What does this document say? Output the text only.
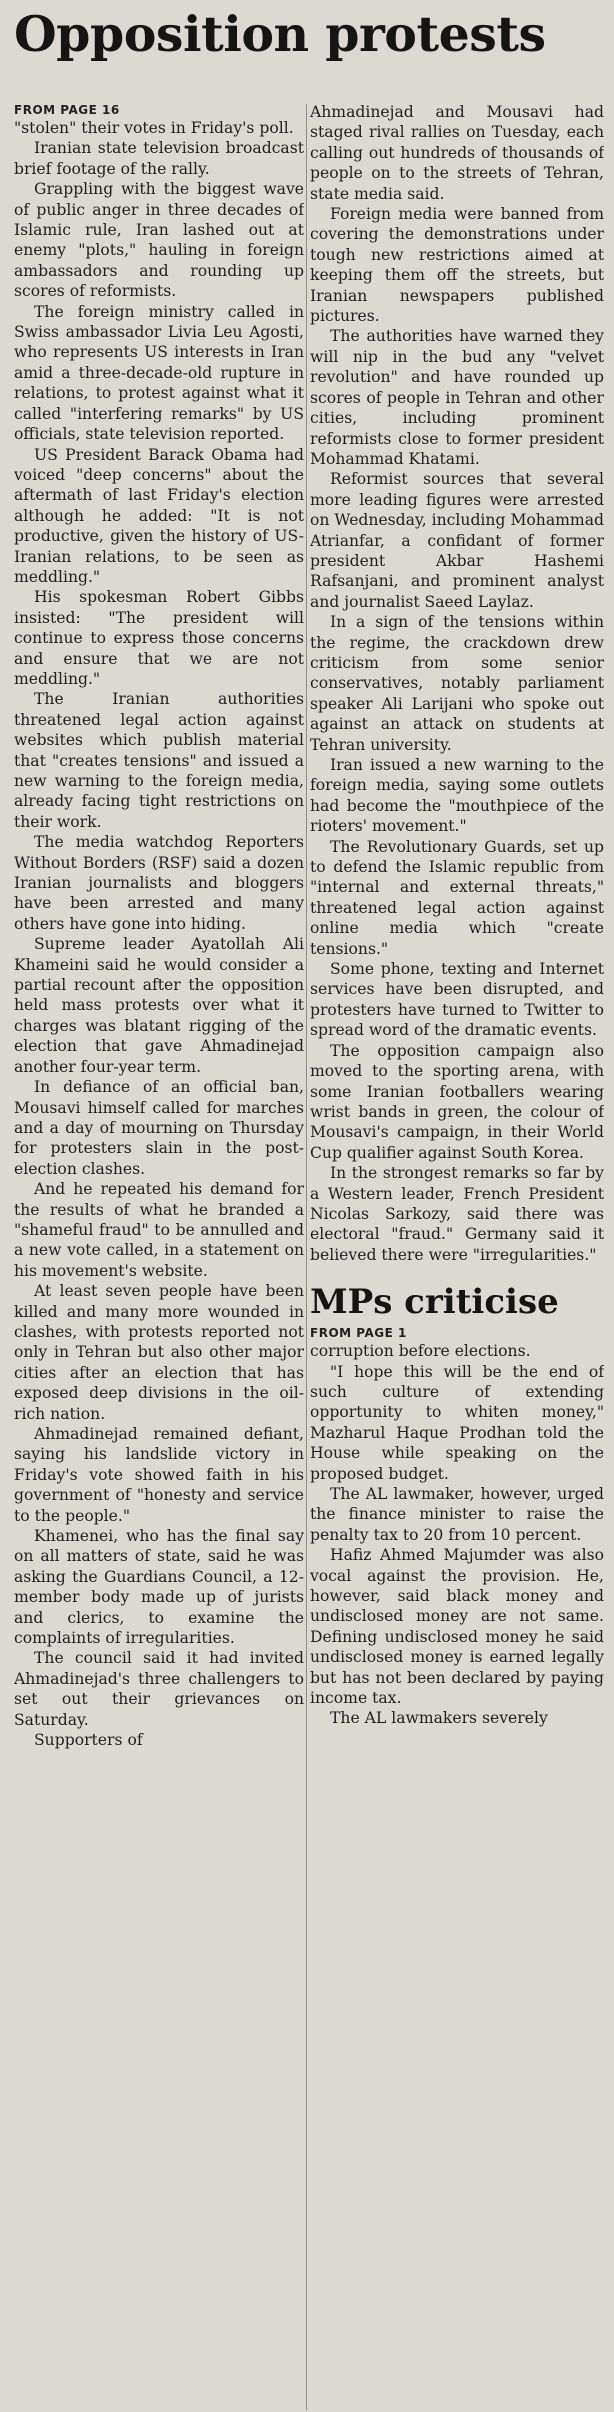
Opposition protests
FROM PAGE 16

"stolen" their votes in Friday's poll.

Iranian state television broadcast brief footage of the rally.

Grappling with the biggest wave of public anger in three decades of Islamic rule, Iran lashed out at enemy "plots," hauling in foreign ambassadors and rounding up scores of reformists.

The foreign ministry called in Swiss ambassador Livia Leu Agosti, who represents US interests in Iran amid a three-decade-old rupture in relations, to protest against what it called "interfering remarks" by US officials, state television reported.

US President Barack Obama had voiced "deep concerns" about the aftermath of last Friday's election although he added: "It is not productive, given the history of US-Iranian relations, to be seen as meddling."

His spokesman Robert Gibbs insisted: "The president will continue to express those concerns and ensure that we are not meddling."

The Iranian authorities threatened legal action against websites which publish material that "creates tensions" and issued a new warning to the foreign media, already facing tight restrictions on their work.

The media watchdog Reporters Without Borders (RSF) said a dozen Iranian journalists and bloggers have been arrested and many others have gone into hiding.

Supreme leader Ayatollah Ali Khameini said he would consider a partial recount after the opposition held mass protests over what it charges was blatant rigging of the election that gave Ahmadinejad another four-year term.

In defiance of an official ban, Mousavi himself called for marches and a day of mourning on Thursday for protesters slain in the post-election clashes.

And he repeated his demand for the results of what he branded a "shameful fraud" to be annulled and a new vote called, in a statement on his movement's website.

At least seven people have been killed and many more wounded in clashes, with protests reported not only in Tehran but also other major cities after an election that has exposed deep divisions in the oil-rich nation.

Ahmadinejad remained defiant, saying his landslide victory in Friday's vote showed faith in his government of "honesty and service to the people."

Khamenei, who has the final say on all matters of state, said he was asking the Guardians Council, a 12-member body made up of jurists and clerics, to examine the complaints of irregularities.

The council said it had invited Ahmadinejad's three challengers to set out their grievances on Saturday.

Supporters of

Ahmadinejad and Mousavi had staged rival rallies on Tuesday, each calling out hundreds of thousands of people on to the streets of Tehran, state media said.

Foreign media were banned from covering the demonstrations under tough new restrictions aimed at keeping them off the streets, but Iranian newspapers published pictures.

The authorities have warned they will nip in the bud any "velvet revolution" and have rounded up scores of people in Tehran and other cities, including prominent reformists close to former president Mohammad Khatami.

Reformist sources that several more leading figures were arrested on Wednesday, including Mohammad Atrianfar, a confidant of former president Akbar Hashemi Rafsanjani, and prominent analyst and journalist Saeed Laylaz.

In a sign of the tensions within the regime, the crackdown drew criticism from some senior conservatives, notably parliament speaker Ali Larijani who spoke out against an attack on students at Tehran university.

Iran issued a new warning to the foreign media, saying some outlets had become the "mouthpiece of the rioters' movement."

The Revolutionary Guards, set up to defend the Islamic republic from "internal and external threats," threatened legal action against online media which "create tensions."

Some phone, texting and Internet services have been disrupted, and protesters have turned to Twitter to spread word of the dramatic events.

The opposition campaign also moved to the sporting arena, with some Iranian footballers wearing wrist bands in green, the colour of Mousavi's campaign, in their World Cup qualifier against South Korea.

In the strongest remarks so far by a Western leader, French President Nicolas Sarkozy, said there was electoral "fraud." Germany said it believed there were "irregularities."

MPs criticise
FROM PAGE 1

corruption before elections.

"I hope this will be the end of such culture of extending opportunity to whiten money," Mazharul Haque Prodhan told the House while speaking on the proposed budget.

The AL lawmaker, however, urged the finance minister to raise the penalty tax to 20 from 10 percent.

Hafiz Ahmed Majumder was also vocal against the provision. He, however, said black money and undisclosed money are not same. Defining undisclosed money he said undisclosed money is earned legally but has not been declared by paying income tax.

The AL lawmakers severely
